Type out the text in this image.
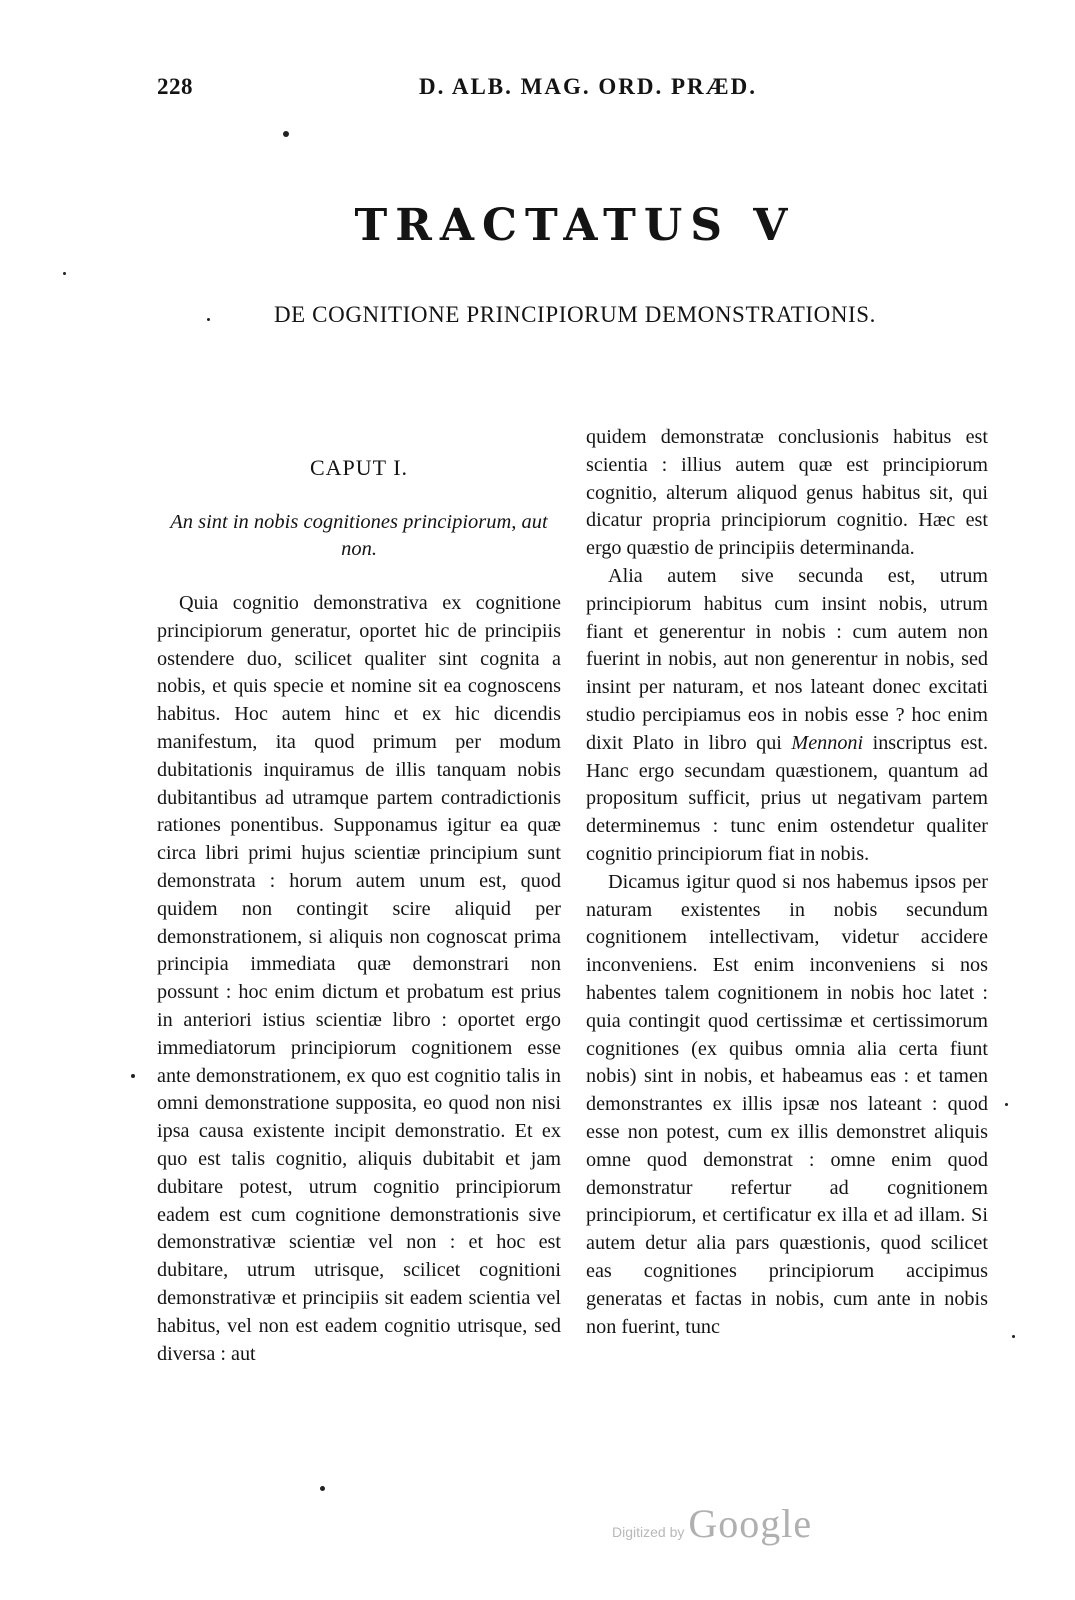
228	D. ALB. MAG. ORD. PRÆD.
TRACTATUS V
DE COGNITIONE PRINCIPIORUM DEMONSTRATIONIS.
CAPUT I.
An sint in nobis cognitiones principiorum, aut non.

Quia cognitio demonstrativa ex cognitione principiorum generatur, oportet hic de principiis ostendere duo, scilicet qualiter sint cognita a nobis, et quis specie et nomine sit ea cognoscens habitus. Hoc autem hinc et ex hic dicendis manifestum, ita quod primum per modum dubitationis inquiramus de illis tanquam nobis dubitantibus ad utramque partem contradictionis rationes ponentibus. Supponamus igitur ea quæ circa libri primi hujus scientiæ principium sunt demonstrata : horum autem unum est, quod quidem non contingit scire aliquid per demonstrationem, si aliquis non cognoscat prima principia immediata quæ demonstrari non possunt : hoc enim dictum et probatum est prius in anteriori istius scientiæ libro : oportet ergo immediatorum principiorum cognitionem esse ante demonstrationem, ex quo est cognitio talis in omni demonstratione supposita, eo quod non nisi ipsa causa existente incipit demonstratio. Et ex quo est talis cognitio, aliquis dubitabit et jam dubitare potest, utrum cognitio principiorum eadem est cum cognitione demonstrationis sive demonstrativæ scientiæ vel non : et hoc est dubitare, utrum utrisque, scilicet cognitioni demonstrativæ et principiis sit eadem scientia vel habitus, vel non est eadem cognitio utrisque, sed diversa : aut

quidem demonstratæ conclusionis habitus est scientia : illius autem quæ est principiorum cognitio, alterum aliquod genus habitus sit, qui dicatur propria principiorum cognitio. Hæc est ergo quæstio de principiis determinanda.

Alia autem sive secunda est, utrum principiorum habitus cum insint nobis, utrum fiant et generentur in nobis : cum autem non fuerint in nobis, aut non generentur in nobis, sed insint per naturam, et nos lateant donec excitati studio percipiamus eos in nobis esse ? hoc enim dixit Plato in libro qui Mennoni inscriptus est. Hanc ergo secundam quæstionem, quantum ad propositum sufficit, prius ut negativam partem determinemus : tunc enim ostendetur qualiter cognitio principiorum fiat in nobis.

Dicamus igitur quod si nos habemus ipsos per naturam existentes in nobis secundum cognitionem intellectivam, videtur accidere inconveniens. Est enim inconveniens si nos habentes talem cognitionem in nobis hoc latet : quia contingit quod certissimæ et certissimorum cognitiones (ex quibus omnia alia certa fiunt nobis) sint in nobis, et habeamus eas : et tamen demonstrantes ex illis ipsæ nos lateant : quod esse non potest, cum ex illis demonstret aliquis omne quod demonstrat : omne enim quod demonstratur refertur ad cognitionem principiorum, et certificatur ex illa et ad illam. Si autem detur alia pars quæstionis, quod scilicet eas cognitiones principiorum accipimus generatas et factas in nobis, cum ante in nobis non fuerint, tunc

Digitized by Google
